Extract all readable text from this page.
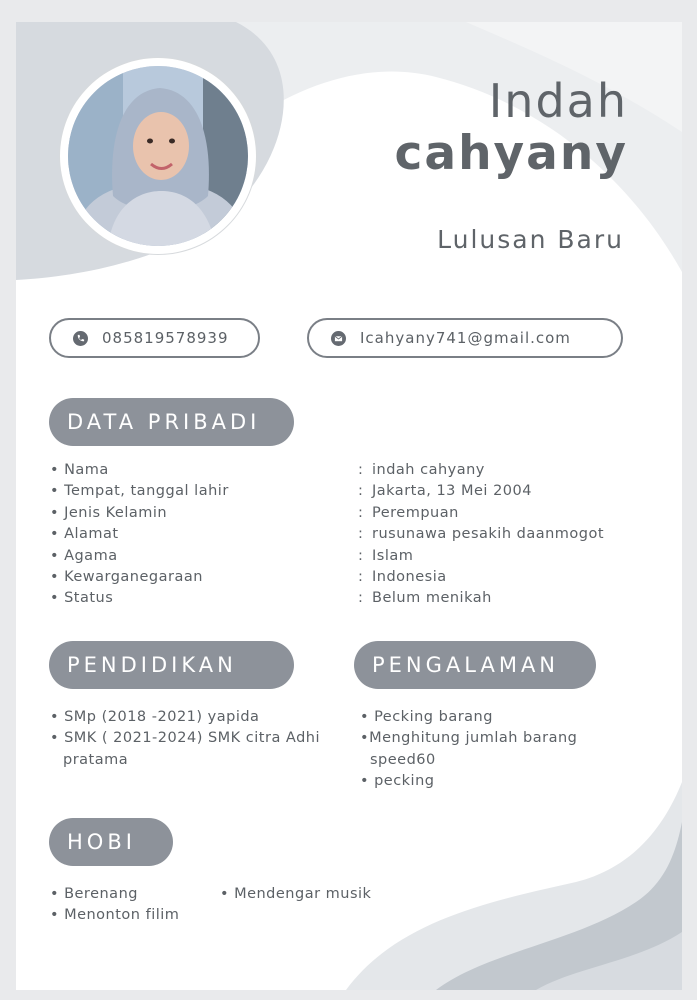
Indah
cahyany
Lulusan Baru
085819578939	Icahyany741@gmail.com
DATA PRIBADI
• Nama
• Tempat, tanggal lahir
• Jenis Kelamin
• Alamat
• Agama
• Kewarganegaraan
• Status
: indah cahyany
: Jakarta, 13 Mei 2004
: Perempuan
: rusunawa pesakih daanmogot
: Islam
: Indonesia
: Belum menikah
PENDIDIKAN
• SMp (2018 -2021) yapida
• SMK ( 2021-2024) SMK citra Adhi
pratama
PENGALAMAN
• Pecking barang
•Menghitung jumlah barang
speed60
• pecking
HOBI
• Berenang
• Menonton filim
• Mendengar musik
